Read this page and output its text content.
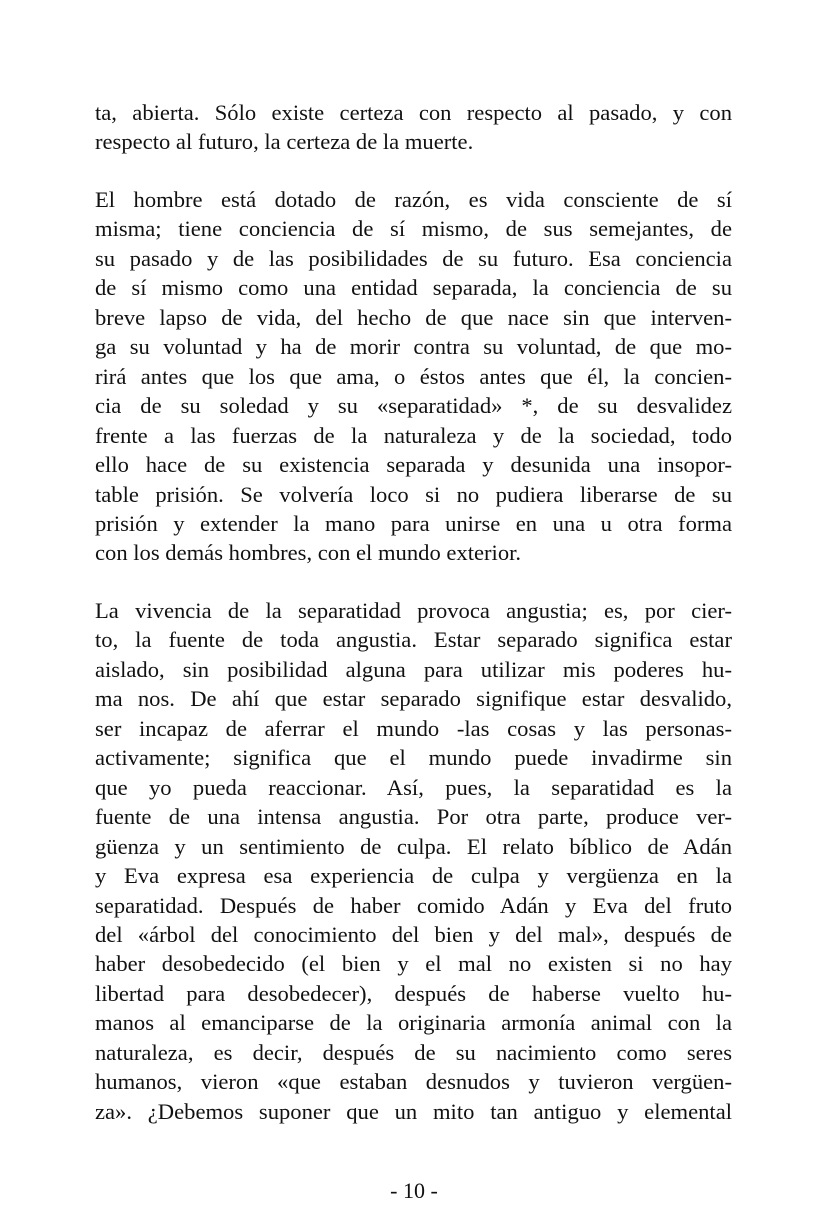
ta, abierta. Sólo existe certeza con respecto al pasado, y con
respecto al futuro, la certeza de la muerte.
El hombre está dotado de razón, es vida consciente de sí
misma; tiene conciencia de sí mismo, de sus semejantes, de
su pasado y de las posibilidades de su futuro. Esa conciencia
de sí mismo como una entidad separada, la conciencia de su
breve lapso de vida, del hecho de que nace sin que interven-
ga su voluntad y ha de morir contra su voluntad, de que mo-
rirá antes que los que ama, o éstos antes que él, la concien-
cia de su soledad y su «separatidad» *, de su desvalidez
frente a las fuerzas de la naturaleza y de la sociedad, todo
ello hace de su existencia separada y desunida una insopor-
table prisión. Se volvería loco si no pudiera liberarse de su
prisión y extender la mano para unirse en una u otra forma
con los demás hombres, con el mundo exterior.
La vivencia de la separatidad provoca angustia; es, por cier-
to, la fuente de toda angustia. Estar separado significa estar
aislado, sin posibilidad alguna para utilizar mis poderes hu-
ma nos. De ahí que estar separado signifique estar desvalido,
ser incapaz de aferrar el mundo -las cosas y las personas-
activamente; significa que el mundo puede invadirme sin
que yo pueda reaccionar. Así, pues, la separatidad es la
fuente de una intensa angustia. Por otra parte, produce ver-
güenza y un sentimiento de culpa. El relato bíblico de Adán
y Eva expresa esa experiencia de culpa y vergüenza en la
separatidad. Después de haber comido Adán y Eva del fruto
del «árbol del conocimiento del bien y del mal», después de
haber desobedecido (el bien y el mal no existen si no hay
libertad para desobedecer), después de haberse vuelto hu-
manos al emanciparse de la originaria armonía animal con la
naturaleza, es decir, después de su nacimiento como seres
humanos, vieron «que estaban desnudos y tuvieron vergüen-
za». ¿Debemos suponer que un mito tan antiguo y elemental
- 10 -
